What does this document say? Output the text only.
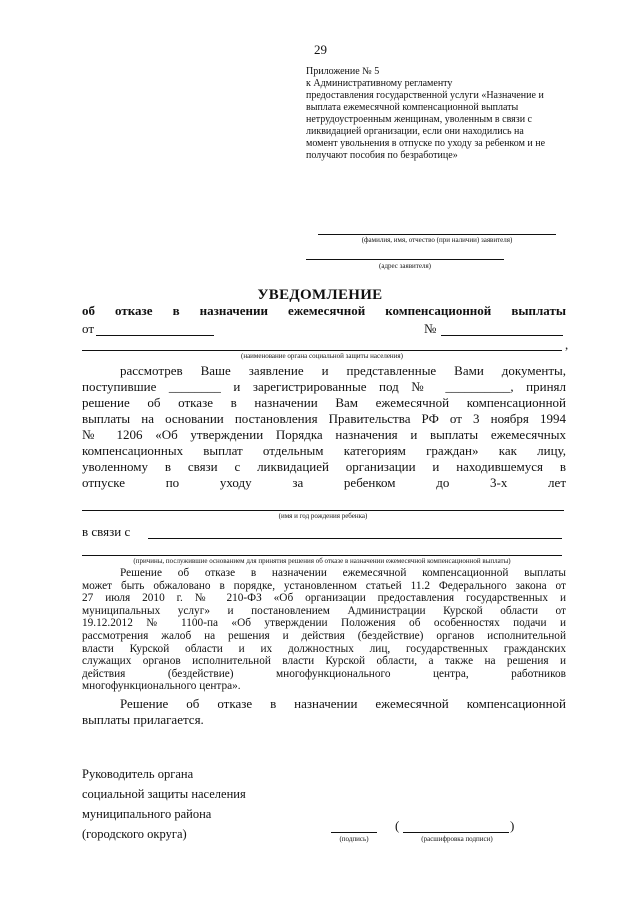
29
Приложение № 5
к Административному регламенту
предоставления государственной услуги «Назначение и
выплата ежемесячной компенсационной выплаты
нетрудоустроенным женщинам, уволенным в связи с
ликвидацией организации, если они находились на
момент увольнения в отпуске по уходу за ребенком и не
получают пособия по безработице»
(фамилия, имя, отчество (при наличии) заявителя)
(адрес заявителя)
УВЕДОМЛЕНИЕ
об отказе в назначении ежемесячной компенсационной выплаты
от	№
,
(наименование органа социальной защиты населения)
рассмотрев Ваше заявление и представленные Вами документы,
поступившие ________ и зарегистрированные под № __________, принял
решение об отказе в назначении Вам ежемесячной компенсационной
выплаты на основании постановления Правительства РФ от 3 ноября 1994
№ 1206 «Об утверждении Порядка назначения и выплаты ежемесячных
компенсационных выплат отдельным категориям граждан» как лицу,
уволенному в связи с ликвидацией организации и находившемуся в
отпуске по уходу за ребенком до 3-х лет
(имя и год рождения ребенка)
в связи с
(причины, послужившие основанием для принятия решения об отказе в назначении ежемесячной компенсационной выплаты)
Решение об отказе в назначении ежемесячной компенсационной выплаты
может быть обжаловано в порядке, установленном статьей 11.2 Федерального закона от
27 июля 2010 г. № 210-ФЗ «Об организации предоставления государственных и
муниципальных услуг» и постановлением Администрации Курской области от
19.12.2012 № 1100-па «Об утверждении Положения об особенностях подачи и
рассмотрения жалоб на решения и действия (бездействие) органов исполнительной
власти Курской области и их должностных лиц, государственных гражданских
служащих органов исполнительной власти Курской области, а также на решения и
действия (бездействие) многофункционального центра, работников
многофункционального центра».
Решение об отказе в назначении ежемесячной компенсационной
выплаты прилагается.
Руководитель органа
социальной защиты населения
муниципального района
(городского округа)	(подпись)
(	)
(расшифровка подписи)
